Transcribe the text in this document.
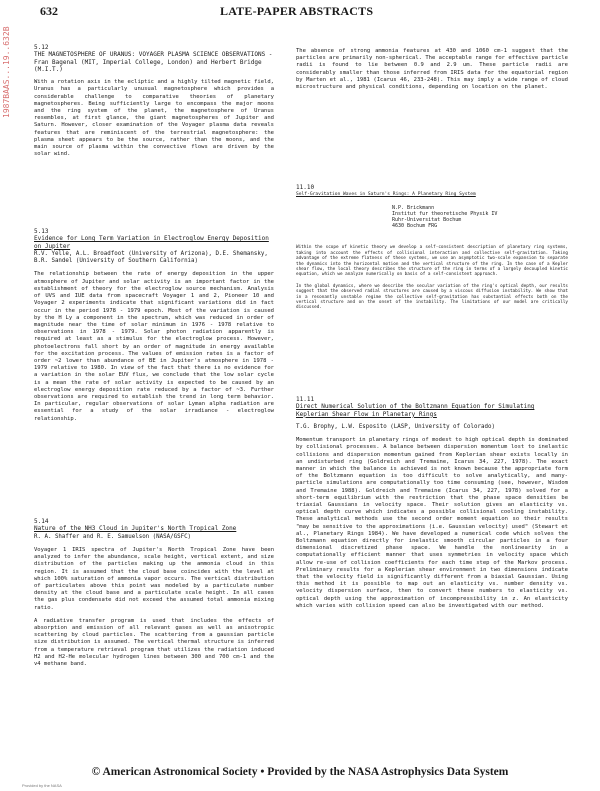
632	LATE-PAPER ABSTRACTS
1987BAAS...19..632B	5.12
THE MAGNETOSPHERE OF URANUS: VOYAGER PLASMA SCIENCE OBSERVATIONS - Fran Bagenal (MIT, Imperial College, London) and Herbert Bridge (M.I.T.)

With a rotation axis in the ecliptic and a highly tilted magnetic field, Uranus has a particularly unusual magnetosphere which provides a considerable challenge to comparative theories of planetary magnetospheres. Being sufficiently large to encompass the major moons and the ring system of the planet, the magnetosphere of Uranus resembles, at first glance, the giant magnetospheres of Jupiter and Saturn. However, closer examination of the Voyager plasma data reveals features that are reminiscent of the terrestrial magnetosphere: the plasma sheet appears to be the source, rather than the moons, and the main source of plasma within the convective flows are driven by the solar wind.

5.13
Evidence for Long Term Variation in Electroglow Energy Deposition on Jupiter
R.V. Yelle, A.L. Broadfoot (University of Arizona), D.E. Shemansky, B.R. Sandel (University of Southern California)

The relationship between the rate of energy deposition in the upper atmosphere of Jupiter and solar activity is an important factor in the establishment of theory for the electroglow source mechanism. Analysis of UVS and IUE data from spacecraft Voyager 1 and 2, Pioneer 10 and Voyager 2 experiments indicate that significant variations did in fact occur in the period 1978 - 1979 epoch. Most of the variation is caused by the H Ly a component in the spectrum, which was reduced in order of magnitude near the time of solar minimum in 1976 - 1978 relative to observations in 1978 - 1979. Solar photon radiation apparently is required at least as a stimulus for the electroglow process. However, photoelectrons fall short by an order of magnitude in energy available for the excitation process. The values of emission rates is a factor of order ~2 lower than abundance of BE in Jupiter's atmosphere in 1978 - 1979 relative to 1980. In view of the fact that there is no evidence for a variation in the solar EUV flux, we conclude that the low solar cycle is a mean the rate of solar activity is expected to be caused by an electroglow energy deposition rate reduced by a factor of ~3. Further observations are required to establish the trend in long term behavior. In particular, regular observations of solar Lyman alpha radiation are essential for a study of the solar irradiance - electroglow relationship.

5.14
Nature of the NH3 Cloud in Jupiter's North Tropical Zone
R. A. Shaffer and R. E. Samuelson (NASA/GSFC)

Voyager 1 IRIS spectra of Jupiter's North Tropical Zone have been analyzed to infer the abundance, scale height, vertical extent, and size distribution of the particles making up the ammonia cloud in this region. It is assumed that the cloud base coincides with the level at which 100% saturation of ammonia vapor occurs. The vertical distribution of particulates above this point was modeled by a particulate number density at the cloud base and a particulate scale height. In all cases the gas plus condensate did not exceed the assumed total ammonia mixing ratio.

A radiative transfer program is used that includes the effects of absorption and emission of all relevant gases as well as anisotropic scattering by cloud particles. The scattering from a gaussian particle size distribution is assumed. The vertical thermal structure is inferred from a temperature retrieval program that utilizes the radiation induced H2 and H2-He molecular hydrogen lines between 300 and 700 cm-1 and the v4 methane band.

The absence of strong ammonia features at 430 and 1060 cm-1 suggest that the particles are primarily non-spherical. The acceptable range for effective particle radii is found to lie between 0.9 and 2.9 um. These particle radii are considerably smaller than those inferred from IRIS data for the equatorial region by Marten et al., 1981 (Icarus 46, 233-248). This may imply a wide range of cloud microstructure and physical conditions, depending on location on the planet.

11.10
Self-Gravitation Waves in Saturn's Rings: A Planetary Ring System
N.P. Brickmann
Institut fur theoretische Physik IV
Ruhr-Universitat Bochum
4630 Bochum FRG

Within the scope of kinetic theory we develop a self-consistent description of planetary ring systems, taking into account the effects of collisional interaction and collective self-gravitation. Taking advantage of the extreme flatness of these systems, we use an asymptotic two-scale expansion to separate the dynamics into the horizontal motion and the vertical structure of the ring. In the case of a Kepler shear flow, the local theory describes the structure of the ring in terms of a largely decoupled kinetic equation, which we analyze numerically on basis of a self-consistent approach.

In the global dynamics, where we describe the secular variation of the ring's optical depth, our results suggest that the observed radial structures are caused by a viscous diffusion instability. We show that in a resonantly unstable regime the collective self-gravitation has substantial effects both on the vertical structure and on the onset of the instability. The limitations of our model are critically discussed.

11.11
Direct Numerical Solution of the Boltzmann Equation for Simulating Keplerian Shear Flow in Planetary Rings
T.G. Brophy, L.W. Esposito (LASP, University of Colorado)

Momentum transport in planetary rings of modest to high optical depth is dominated by collisional processes. A balance between dispersion momentum lost to inelastic collisions and dispersion momentum gained from Keplerian shear exists locally in an undisturbed ring (Goldreich and Tremaine, Icarus 34, 227, 1978). The exact manner in which the balance is achieved is not known because the appropriate form of the Boltzmann equation is too difficult to solve analytically, and many-particle simulations are computationally too time consuming (see, however, Wisdom and Tremaine 1988). Goldreich and Tremaine (Icarus 34, 227, 1978) solved for a short-term equilibrium with the restriction that the phase space densities be triaxial Gaussians in velocity space. Their solution gives an elasticity vs. optical depth curve which indicates a possible collisional cooling instability. These analytical methods use the second order moment equation so their results "may be sensitive to the approximations (i.e. Gaussian velocity) used" (Stewart et al., Planetary Rings 1984). We have developed a numerical code which solves the Boltzmann equation directly for inelastic smooth circular particles in a four dimensional discretized phase space. We handle the nonlinearity in a computationally efficient manner that uses symmetries in velocity space which allow re-use of collision coefficients for each time step of the Markov process. Preliminary results for a Keplerian shear environment in two dimensions indicate that the velocity field is significantly different from a biaxial Gaussian. Using this method it is possible to map out an elasticity vs. number density vs. velocity dispersion surface, then to convert these numbers to elasticity vs. optical depth using the approximation of incompressibility in z. An elasticity which varies with collision speed can also be investigated with our method.

© American Astronomical Society • Provided by the NASA Astrophysics Data System
Provided by the NASA
